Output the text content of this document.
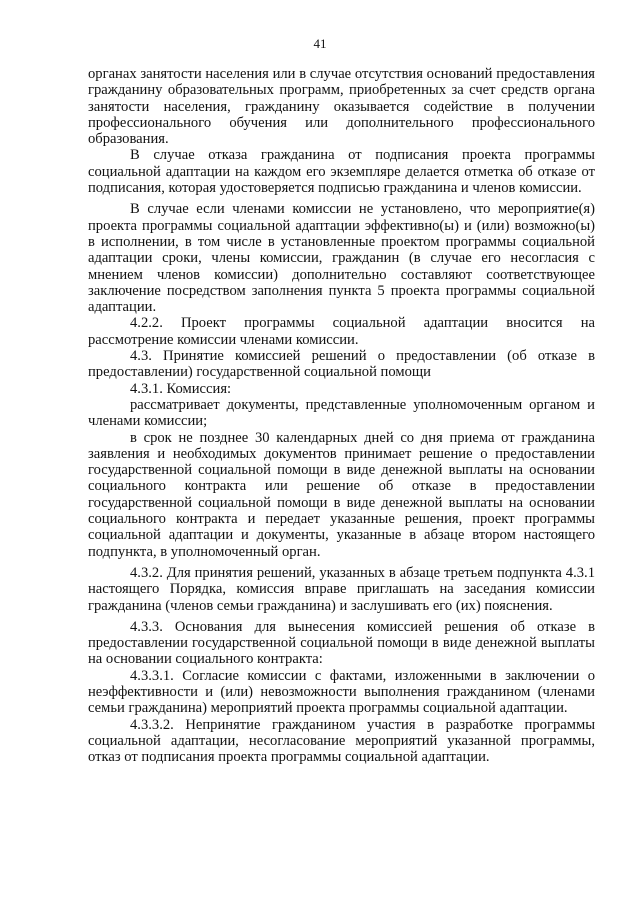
41

органах занятости населения или в случае отсутствия оснований предоставления гражданину образовательных программ, приобретенных за счет средств органа занятости населения, гражданину оказывается содействие в получении профессионального обучения или дополнительного профессионального образования.

В случае отказа гражданина от подписания проекта программы социальной адаптации на каждом его экземпляре делается отметка об отказе от подписания, которая удостоверяется подписью гражданина и членов комиссии.

В случае если членами комиссии не установлено, что мероприятие(я) проекта программы социальной адаптации эффективно(ы) и (или) возможно(ы) в исполнении, в том числе в установленные проектом программы социальной адаптации сроки, члены комиссии, гражданин (в случае его несогласия с мнением членов комиссии) дополнительно составляют соответствующее заключение посредством заполнения пункта 5 проекта программы социальной адаптации.

4.2.2. Проект программы социальной адаптации вносится на рассмотрение комиссии членами комиссии.

4.3. Принятие комиссией решений о предоставлении (об отказе в предоставлении) государственной социальной помощи

4.3.1. Комиссия:

рассматривает документы, представленные уполномоченным органом и членами комиссии;

в срок не позднее 30 календарных дней со дня приема от гражданина заявления и необходимых документов принимает решение о предоставлении государственной социальной помощи в виде денежной выплаты на основании социального контракта или решение об отказе в предоставлении государственной социальной помощи в виде денежной выплаты на основании социального контракта и передает указанные решения, проект программы социальной адаптации и документы, указанные в абзаце втором настоящего подпункта, в уполномоченный орган.

4.3.2. Для принятия решений, указанных в абзаце третьем подпункта 4.3.1 настоящего Порядка, комиссия вправе приглашать на заседания комиссии гражданина (членов семьи гражданина) и заслушивать его (их) пояснения.

4.3.3. Основания для вынесения комиссией решения об отказе в предоставлении государственной социальной помощи в виде денежной выплаты на основании социального контракта:

4.3.3.1. Согласие комиссии с фактами, изложенными в заключении о неэффективности и (или) невозможности выполнения гражданином (членами семьи гражданина) мероприятий проекта программы социальной адаптации.

4.3.3.2. Непринятие гражданином участия в разработке программы социальной адаптации, несогласование мероприятий указанной программы, отказ от подписания проекта программы социальной адаптации.
